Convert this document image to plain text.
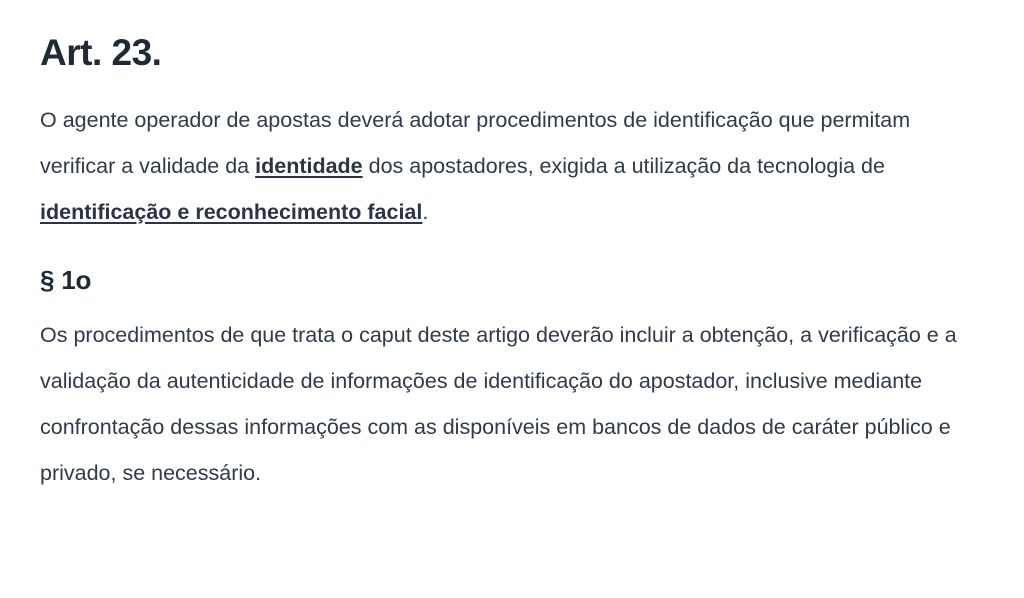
Art. 23.

O agente operador de apostas deverá adotar procedimentos de identificação que permitam verificar a validade da identidade dos apostadores, exigida a utilização da tecnologia de identificação e reconhecimento facial.

§ 1o

Os procedimentos de que trata o caput deste artigo deverão incluir a obtenção, a verificação e a validação da autenticidade de informações de identificação do apostador, inclusive mediante confrontação dessas informações com as disponíveis em bancos de dados de caráter público e privado, se necessário.
